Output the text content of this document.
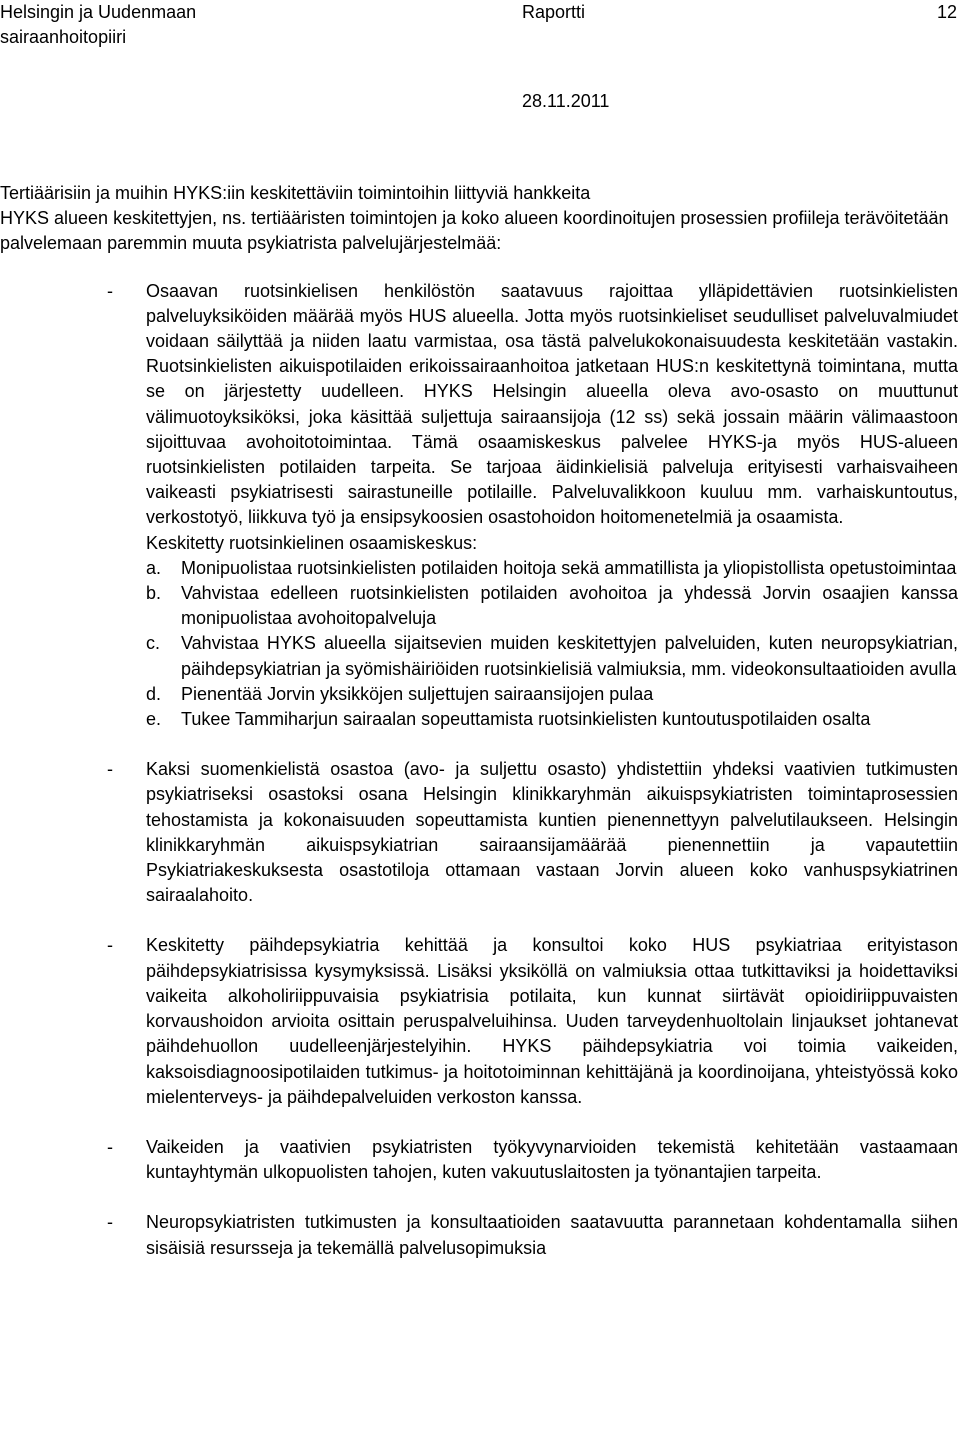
Helsingin ja Uudenmaan
sairaanhoitopiiri
Raportti	12
28.11.2011

Tertiäärisiin ja muihin HYKS:iin keskitettäviin toimintoihin liittyviä hankkeita

HYKS alueen keskitettyjen, ns. tertiääristen toimintojen ja koko alueen koordinoitujen prosessien profiileja terävöitetään palvelemaan paremmin muuta psykiatrista palvelujärjestelmää:

- Osaavan ruotsinkielisen henkilöstön saatavuus rajoittaa ylläpidettävien ruotsinkielisten palveluyksiköiden määrää myös HUS alueella. Jotta myös ruotsinkieliset seudulliset palveluvalmiudet voidaan säilyttää ja niiden laatu varmistaa, osa tästä palvelukokonaisuudesta keskitetään vastakin. Ruotsinkielisten aikuispotilaiden erikoissairaanhoitoa jatketaan HUS:n keskitettynä toimintana, mutta se on järjestetty uudelleen. HYKS Helsingin alueella oleva avo-osasto on muuttunut välimuotoyksiköksi, joka käsittää suljettuja sairaansijoja (12 ss) sekä jossain määrin välimaastoon sijoittuvaa avohoitotoimintaa. Tämä osaamiskeskus palvelee HYKS-ja myös HUS-alueen ruotsinkielisten potilaiden tarpeita. Se tarjoaa äidinkielisiä palveluja erityisesti varhaisvaiheen vaikeasti psykiatrisesti sairastuneille potilaille. Palveluvalikkoon kuuluu mm. varhaiskuntoutus, verkostotyö, liikkuva työ ja ensipsykoosien osastohoidon hoitomenetelmiä ja osaamista.

Keskitetty ruotsinkielinen osaamiskeskus:

a. Monipuolistaa ruotsinkielisten potilaiden hoitoja sekä ammatillista ja yliopistollista opetustoimintaa
b. Vahvistaa edelleen ruotsinkielisten potilaiden avohoitoa ja yhdessä Jorvin osaajien kanssa monipuolistaa avohoitopalveluja
c. Vahvistaa HYKS alueella sijaitsevien muiden keskitettyjen palveluiden, kuten neuropsykiatrian, päihdepsykiatrian ja syömishäiriöiden ruotsinkielisiä valmiuksia, mm. videokonsultaatioiden avulla
d. Pienentää Jorvin yksikköjen suljettujen sairaansijojen pulaa
e. Tukee Tammiharjun sairaalan sopeuttamista ruotsinkielisten kuntoutuspotilaiden osalta
- Kaksi suomenkielistä osastoa (avo- ja suljettu osasto) yhdistettiin yhdeksi vaativien tutkimusten psykiatriseksi osastoksi osana Helsingin klinikkaryhmän aikuispsykiatristen toimintaprosessien tehostamista ja kokonaisuuden sopeuttamista kuntien pienennettyyn palvelutilaukseen. Helsingin klinikkaryhmän aikuispsykiatrian sairaansijamäärää pienennettiin ja vapautettiin Psykiatriakeskuksesta osastotiloja ottamaan vastaan Jorvin alueen koko vanhuspsykiatrinen sairaalahoito.

- Keskitetty päihdepsykiatria kehittää ja konsultoi koko HUS psykiatriaa erityistason päihdepsykiatrisissa kysymyksissä. Lisäksi yksiköllä on valmiuksia ottaa tutkittaviksi ja hoidettaviksi vaikeita alkoholiriippuvaisia psykiatrisia potilaita, kun kunnat siirtävät opioidiriippuvaisten korvaushoidon arvioita osittain peruspalveluihinsa. Uuden tarveydenhuoltolain linjaukset johtanevat päihdehuollon uudelleenjärjestelyihin. HYKS päihdepsykiatria voi toimia vaikeiden, kaksoisdiagnoosipotilaiden tutkimus- ja hoitotoiminnan kehittäjänä ja koordinoijana, yhteistyössä koko mielenterveys- ja päihdepalveluiden verkoston kanssa.

- Vaikeiden ja vaativien psykiatristen työkyvynarvioiden tekemistä kehitetään vastaamaan kuntayhtymän ulkopuolisten tahojen, kuten vakuutuslaitosten ja työnantajien tarpeita.

- Neuropsykiatristen tutkimusten ja konsultaatioiden saatavuutta parannetaan kohdentamalla siihen sisäisiä resursseja ja tekemällä palvelusopimuksia
